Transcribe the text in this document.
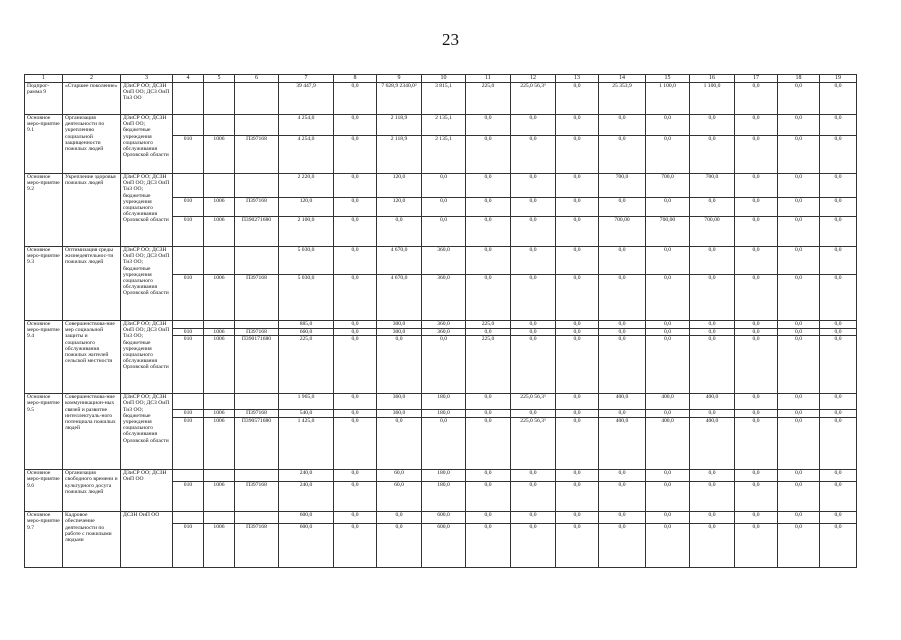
23
1	2	3	4	5	6	7	8	9	10	11	12	13	14	15	16	17	18	19
Подпрог-рамма 9	«Старшее поколение»	ДЗиСР ОО; ДСЗН ОиП ОО; ДСЗ ОиП ТиЗ ОО				39 447,9	0,0	7 628,9 2340,0²	3 815,1	225,0	225,0 56,3³	0,0	25 353,9	1 100,0	1 100,0	0,0	0,0	0,0
Основное меро-приятие 9.1	Организация деятельности по укреплению социальной защищенности пожилых людей	ДЗиСР ОО; ДСЗН ОиП ОО; бюджетные учреждения социального обслуживания Орловской области				4 254,0	0,0	2 118,9	2 135,1	0,0	0,0	0,0	0,0	0,0	0,0	0,0	0,0	0,0
			010	1006	П397168	4 254,0	0,0	2 118,9	2 135,1	0,0	0,0	0,0	0,0	0,0	0,0	0,0	0,0	0,0
Основное меро-приятие 9.2	Укрепление здоровья пожилых людей	ДЗиСР ОО; ДСЗН ОиП ОО; ДСЗ ОиП ТиЗ ОО; бюджетные учреждения социального обслуживания Орловской области				2 220,0	0,0	120,0	0,0	0,0	0,0	0,0	700,0	700,0	700,0	0,0	0,0	0,0
			010	1006	П397168	120,0	0,0	120,0	0,0	0,0	0,0	0,0	0,0	0,0	0,0	0,0	0,0	0,0
			010	1006	П390271680	2 100,0	0,0	0,0	0,0	0,0	0,0	0,0	700,00	700,00	700,00	0,0	0,0	0,0
Основное меро-приятие 9.3	Оптимизация среды жизнедеятельнос-ти пожилых людей	ДЗиСР ОО; ДСЗН ОиП ОО; ДСЗ ОиП ТиЗ ОО; бюджетные учреждения социального обслуживания Орловской области				5 030,0	0,0	4 670,0	360,0	0,0	0,0	0,0	0,0	0,0	0,0	0,0	0,0	0,0
			010	1006	П397168	5 030,0	0,0	4 670,0	360,0	0,0	0,0	0,0	0,0	0,0	0,0	0,0	0,0	0,0
Основное меро-приятие 9.4	Совершенствова-ние мер социальной защиты и социального обслуживания пожилых жителей сельской местности	ДЗиСР ОО; ДСЗН ОиП ОО; ДСЗ ОиП ТиЗ ОО; бюджетные учреждения социального обслуживания Орловской области				885,0	0,0	300,0	360,0	225,0	0,0	0,0	0,0	0,0	0,0	0,0	0,0	0,0
			010	1006	П397168	660,0	0,0	300,0	360,0	0,0	0,0	0,0	0,0	0,0	0,0	0,0	0,0	0,0
			010	1006	П390171680	225,0	0,0	0,0	0,0	225,0	0,0	0,0	0,0	0,0	0,0	0,0	0,0	0,0
Основное меро-приятие 9.5	Совершенствова-ние коммуникацион-ных связей и развитие интеллектуаль-ного потенциала пожилых людей	ДЗиСР ОО; ДСЗН ОиП ОО; ДСЗ ОиП ТиЗ ОО; бюджетные учреждения социального обслуживания Орловской области				1 965,0	0,0	360,0	180,0	0,0	225,0 56,3³	0,0	400,0	400,0	400,0	0,0	0,0	0,0
			010	1006	П397168	540,0	0,0	360,0	180,0	0,0	0,0	0,0	0,0	0,0	0,0	0,0	0,0	0,0
			010	1006	П390571680	1 425,0	0,0	0,0	0,0	0,0	225,0 56,3³	0,0	400,0	400,0	400,0	0,0	0,0	0,0
Основное меро-приятие 9.6	Организация свободного времени и культурного досуга пожилых людей	ДЗиСР ОО; ДСЗН ОиП ОО				240,0	0,0	60,0	180,0	0,0	0,0	0,0	0,0	0,0	0,0	0,0	0,0	0,0
			010	1006	П397168	240,0	0,0	60,0	180,0	0,0	0,0	0,0	0,0	0,0	0,0	0,0	0,0	0,0
Основное меро-приятие 9.7	Кадровое обеспечение деятельности по работе с пожилыми людьми	ДСЗН ОиП ОО				600,0	0,0	0,0	600,0	0,0	0,0	0,0	0,0	0,0	0,0	0,0	0,0	0,0
			010	1006	П397168	600,0	0,0	0,0	600,0	0,0	0,0	0,0	0,0	0,0	0,0	0,0	0,0	0,0
